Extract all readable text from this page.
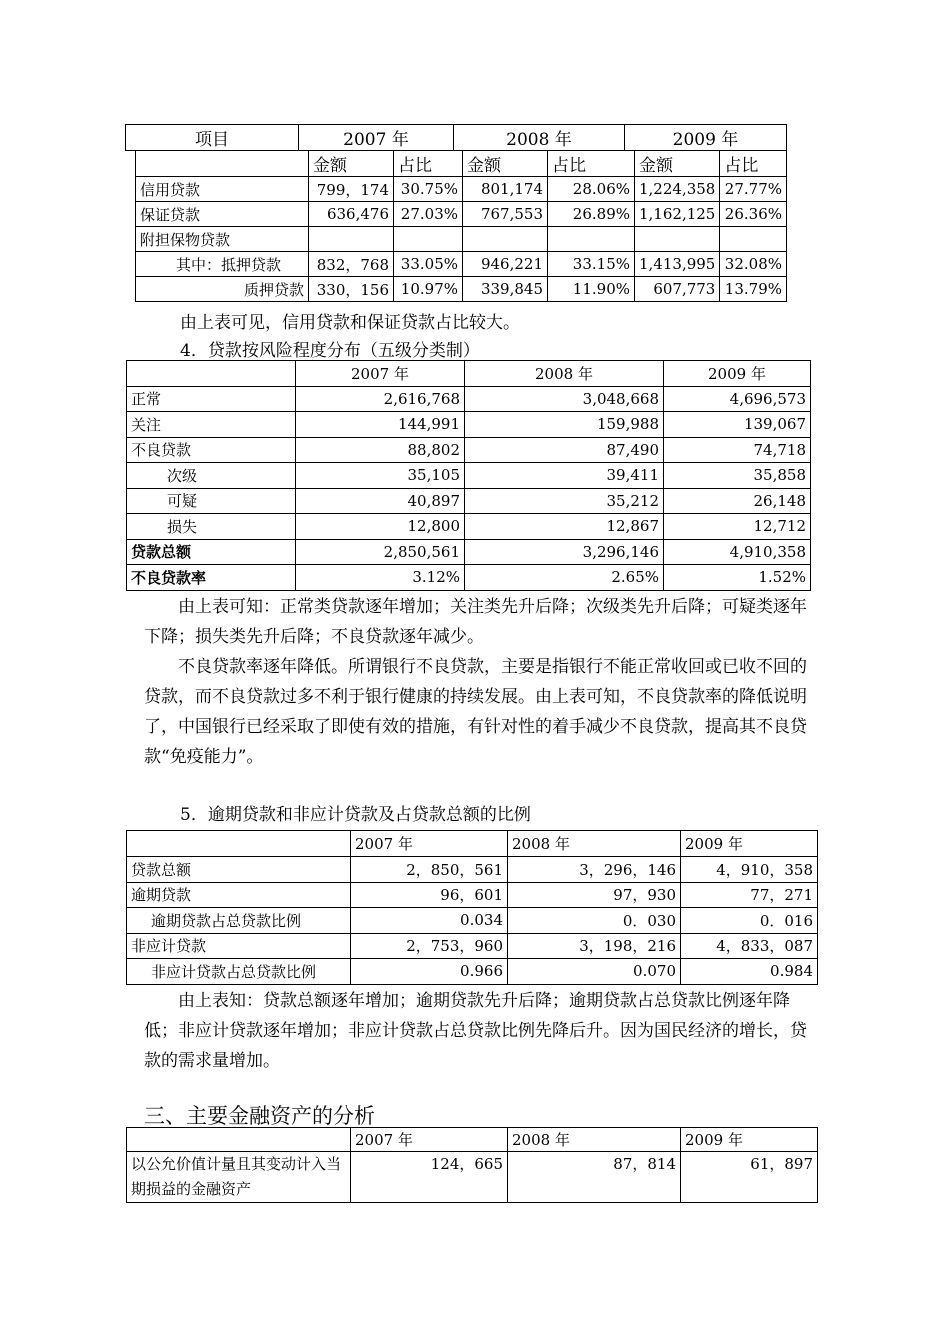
项目	2007 年	2008 年	2009 年
	金额	占比	金额	占比	金额	占比
信用贷款	799，174	30.75%	801,174	28.06%	1,224,358	27.77%
保证贷款	636,476	27.03%	767,553	26.89%	1,162,125	26.36%
附担保物贷款						
其中：抵押贷款	832，768	33.05%	946,221	33.15%	1,413,995	32.08%
质押贷款	330，156	10.97%	339,845	11.90%	607,773	13.79%
由上表可见，信用贷款和保证贷款占比较大。
4．贷款按风险程度分布（五级分类制）
	2007 年	2008 年	2009 年
正常	2,616,768	3,048,668	4,696,573
关注	144,991	159,988	139,067
不良贷款	88,802	87,490	74,718
次级	35,105	39,411	35,858
可疑	40,897	35,212	26,148
损失	12,800	12,867	12,712
贷款总额	2,850,561	3,296,146	4,910,358
不良贷款率	3.12%	2.65%	1.52%
由上表可知：正常类贷款逐年增加；关注类先升后降；次级类先升后降；可疑类逐年下降；损失类先升后降；不良贷款逐年减少。
不良贷款率逐年降低。所谓银行不良贷款，主要是指银行不能正常收回或已收不回的贷款，而不良贷款过多不利于银行健康的持续发展。由上表可知，不良贷款率的降低说明了，中国银行已经采取了即使有效的措施，有针对性的着手减少不良贷款，提高其不良贷款“免疫能力”。
5．逾期贷款和非应计贷款及占贷款总额的比例
	2007 年	2008 年	2009 年
贷款总额	2，850，561	3，296，146	4，910，358
逾期贷款	96，601	97，930	77，271
逾期贷款占总贷款比例	0.034	0．030	0．016
非应计贷款	2，753，960	3，198，216	4，833，087
非应计贷款占总贷款比例	0.966	0.070	0.984
由上表知：贷款总额逐年增加；逾期贷款先升后降；逾期贷款占总贷款比例逐年降低；非应计贷款逐年增加；非应计贷款占总贷款比例先降后升。因为国民经济的增长，贷款的需求量增加。
三、主要金融资产的分析
	2007 年	2008 年	2009 年
以公允价值计量且其变动计入当期损益的金融资产	124，665	87，814	61，897
